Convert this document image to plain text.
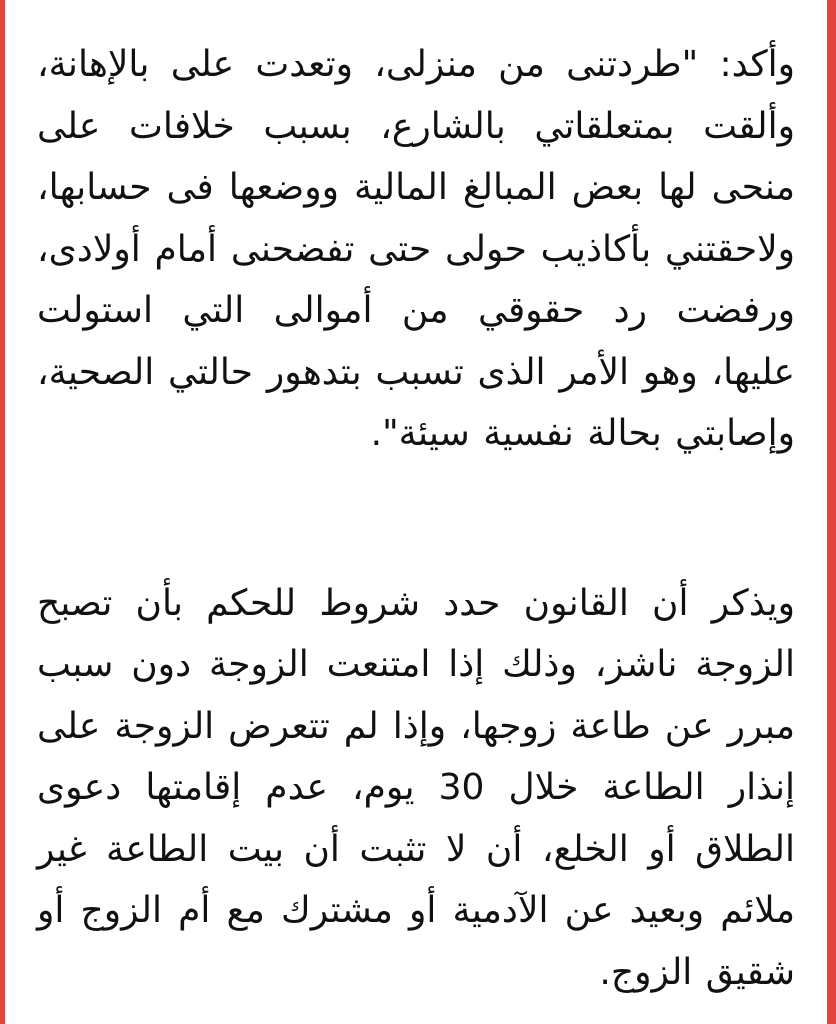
وأكد: "طردتنى من منزلى، وتعدت على بالإهانة، وألقت بمتعلقاتي بالشارع، بسبب خلافات على منحى لها بعض المبالغ المالية ووضعها فى حسابها، ولاحقتني بأكاذيب حولى حتى تفضحنى أمام أولادى، ورفضت رد حقوقي من أموالى التي استولت عليها، وهو الأمر الذى تسبب بتدهور حالتي الصحية، وإصابتي بحالة نفسية سيئة".

ويذكر أن القانون حدد شروط للحكم بأن تصبح الزوجة ناشز، وذلك إذا امتنعت الزوجة دون سبب مبرر عن طاعة زوجها، وإذا لم تتعرض الزوجة على إنذار الطاعة خلال 30 يوم، عدم إقامتها دعوى الطلاق أو الخلع، أن لا تثبت أن بيت الطاعة غير ملائم وبعيد عن الآدمية أو مشترك مع أم الزوج أو شقيق الزوج.
